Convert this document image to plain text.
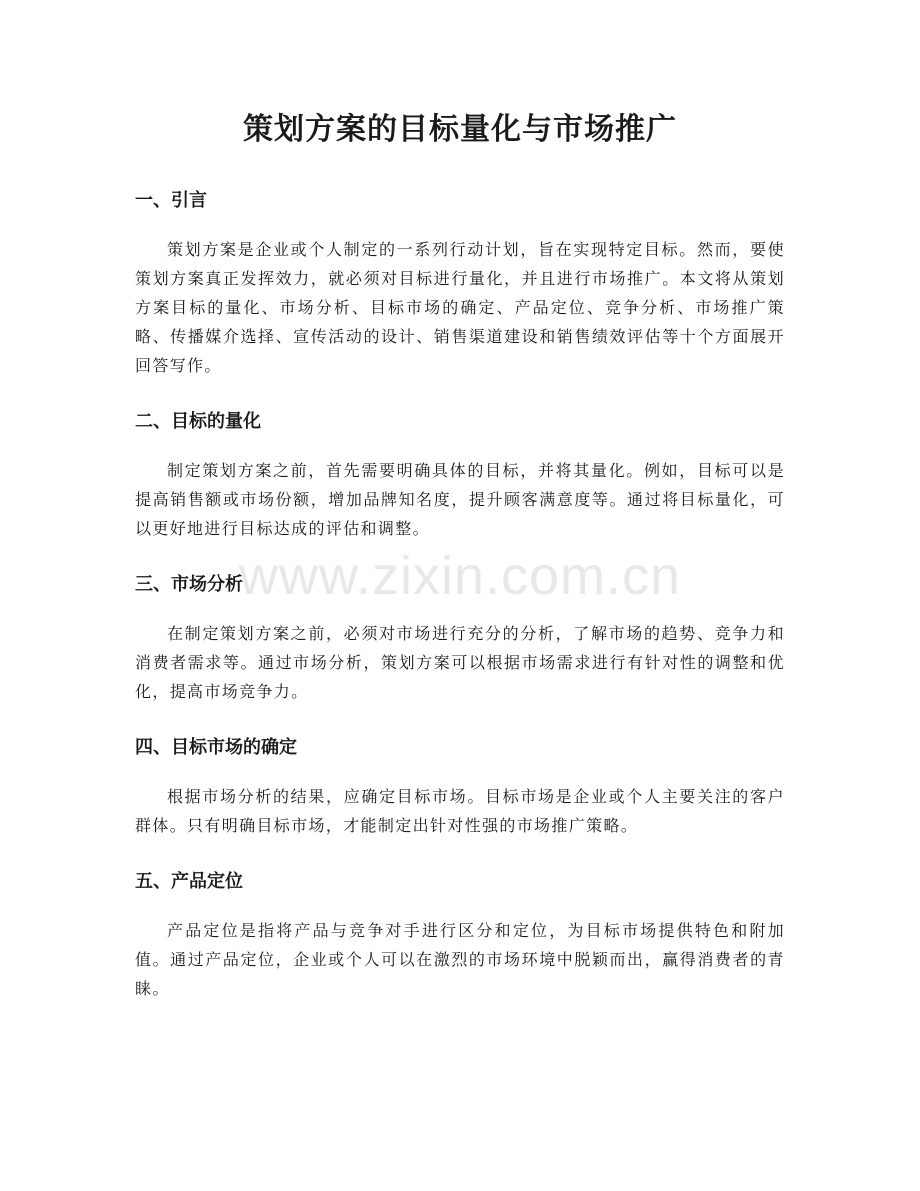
策划方案的目标量化与市场推广
一、引言

策划方案是企业或个人制定的一系列行动计划，旨在实现特定目标。然而，要使策划方案真正发挥效力，就必须对目标进行量化，并且进行市场推广。本文将从策划方案目标的量化、市场分析、目标市场的确定、产品定位、竞争分析、市场推广策略、传播媒介选择、宣传活动的设计、销售渠道建设和销售绩效评估等十个方面展开回答写作。

二、目标的量化

制定策划方案之前，首先需要明确具体的目标，并将其量化。例如，目标可以是提高销售额或市场份额，增加品牌知名度，提升顾客满意度等。通过将目标量化，可以更好地进行目标达成的评估和调整。

三、市场分析

在制定策划方案之前，必须对市场进行充分的分析，了解市场的趋势、竞争力和消费者需求等。通过市场分析，策划方案可以根据市场需求进行有针对性的调整和优化，提高市场竞争力。

四、目标市场的确定

根据市场分析的结果，应确定目标市场。目标市场是企业或个人主要关注的客户群体。只有明确目标市场，才能制定出针对性强的市场推广策略。

五、产品定位

产品定位是指将产品与竞争对手进行区分和定位，为目标市场提供特色和附加值。通过产品定位，企业或个人可以在激烈的市场环境中脱颖而出，赢得消费者的青睐。

www.zixin.com.cn
